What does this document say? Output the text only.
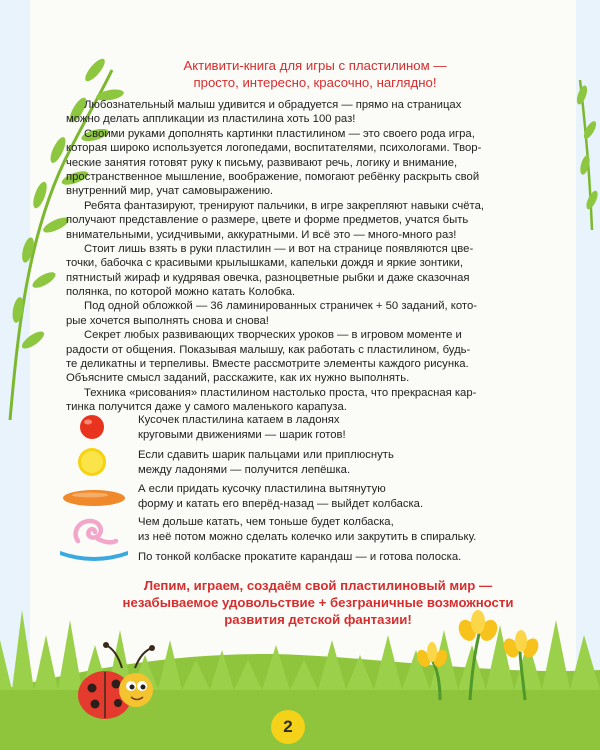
Активити-книга для игры с пластилином —
просто, интересно, красочно, наглядно!
Любознательный малыш удивится и обрадуется — прямо на страницах
можно делать аппликации из пластилина хоть 100 раз!
Своими руками дополнять картинки пластилином — это своего рода игра,
которая широко используется логопедами, воспитателями, психологами. Твор-
ческие занятия готовят руку к письму, развивают речь, логику и внимание,
пространственное мышление, воображение, помогают ребёнку раскрыть свой
внутренний мир, учат самовыражению.
Ребята фантазируют, тренируют пальчики, в игре закрепляют навыки счёта,
получают представление о размере, цвете и форме предметов, учатся быть
внимательными, усидчивыми, аккуратными. И всё это — много-много раз!
Стоит лишь взять в руки пластилин — и вот на странице появляются цве-
точки, бабочка с красивыми крылышками, капельки дождя и яркие зонтики,
пятнистый жираф и кудрявая овечка, разноцветные рыбки и даже сказочная
полянка, по которой можно катать Колобка.
Под одной обложкой — 36 ламинированных страничек + 50 заданий, кото-
рые хочется выполнять снова и снова!
Секрет любых развивающих творческих уроков — в игровом моменте и
радости от общения. Показывая малышу, как работать с пластилином, будь-
те деликатны и терпеливы. Вместе рассмотрите элементы каждого рисунка.
Объясните смысл заданий, расскажите, как их нужно выполнять.
Техника «рисования» пластилином настолько проста, что прекрасная кар-
тинка получится даже у самого маленького карапуза.
Кусочек пластилина катаем в ладонях
круговыми движениями — шарик готов!
Если сдавить шарик пальцами или приплюснуть
между ладонями — получится лепёшка.
А если придать кусочку пластилина вытянутую
форму и катать его вперёд-назад — выйдет колбаска.
Чем дольше катать, чем тоньше будет колбаска,
из неё потом можно сделать колечко или закрутить в спиральку.
По тонкой колбаске прокатите карандаш — и готова полоска.
Лепим, играем, создаём свой пластилиновый мир —
незабываемое удовольствие + безграничные возможности
развития детской фантазии!
2
